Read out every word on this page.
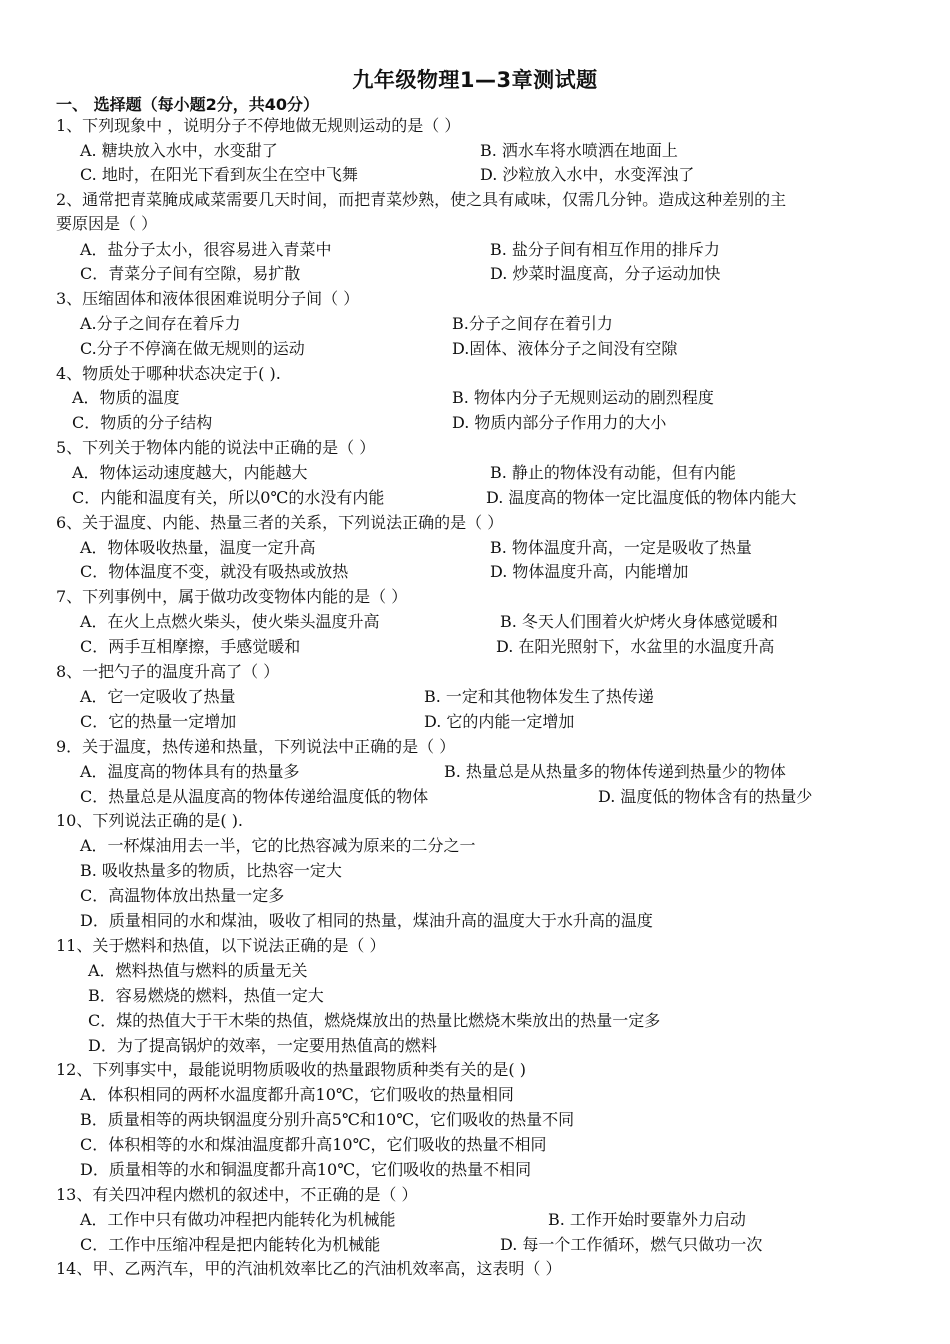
九年级物理1—3章测试题
一、 选择题（每小题2分，共40分）
1、下列现象中 ，说明分子不停地做无规则运动的是（ ）
A. 糖块放入水中，水变甜了	B. 洒水车将水喷洒在地面上
C. 地时，在阳光下看到灰尘在空中飞舞	D. 沙粒放入水中，水变浑浊了
2、通常把青菜腌成咸菜需要几天时间，而把青菜炒熟，使之具有咸味，仅需几分钟。造成这种差别的主
要原因是（ ）
A．盐分子太小，很容易进入青菜中	B. 盐分子间有相互作用的排斥力
C．青菜分子间有空隙，易扩散	D. 炒菜时温度高，分子运动加快
3、压缩固体和液体很困难说明分子间（ ）
A.分子之间存在着斥力	B.分子之间存在着引力
C.分子不停滴在做无规则的运动	D.固体、液体分子之间没有空隙
4、物质处于哪种状态决定于( ).
A．物质的温度	B. 物体内分子无规则运动的剧烈程度
C．物质的分子结构	D. 物质内部分子作用力的大小
5、下列关于物体内能的说法中正确的是（ ）
A．物体运动速度越大，内能越大	B. 静止的物体没有动能，但有内能
C．内能和温度有关，所以0℃的水没有内能	D. 温度高的物体一定比温度低的物体内能大
6、关于温度、内能、热量三者的关系，下列说法正确的是（ ）
A．物体吸收热量，温度一定升高	B. 物体温度升高，一定是吸收了热量
C．物体温度不变，就没有吸热或放热	D. 物体温度升高，内能增加
7、下列事例中，属于做功改变物体内能的是（ ）
A．在火上点燃火柴头，使火柴头温度升高	B. 冬天人们围着火炉烤火身体感觉暖和
C．两手互相摩擦，手感觉暖和	D. 在阳光照射下，水盆里的水温度升高
8、一把勺子的温度升高了（ ）
A．它一定吸收了热量	B. 一定和其他物体发生了热传递
C．它的热量一定增加	D. 它的内能一定增加
9．关于温度，热传递和热量，下列说法中正确的是（ ）
A．温度高的物体具有的热量多	B. 热量总是从热量多的物体传递到热量少的物体
C．热量总是从温度高的物体传递给温度低的物体	D. 温度低的物体含有的热量少
10、下列说法正确的是( ).
A．一杯煤油用去一半，它的比热容减为原来的二分之一
B. 吸收热量多的物质，比热容一定大
C．高温物体放出热量一定多
D．质量相同的水和煤油，吸收了相同的热量，煤油升高的温度大于水升高的温度
11、关于燃料和热值，以下说法正确的是（ ）
A．燃料热值与燃料的质量无关
B．容易燃烧的燃料，热值一定大
C．煤的热值大于干木柴的热值，燃烧煤放出的热量比燃烧木柴放出的热量一定多
D．为了提高锅炉的效率，一定要用热值高的燃料
12、下列事实中，最能说明物质吸收的热量跟物质种类有关的是( )
A．体积相同的两杯水温度都升高10℃，它们吸收的热量相同
B．质量相等的两块钢温度分别升高5℃和10℃，它们吸收的热量不同
C．体积相等的水和煤油温度都升高10℃，它们吸收的热量不相同
D．质量相等的水和铜温度都升高10℃，它们吸收的热量不相同
13、有关四冲程内燃机的叙述中，不正确的是（ ）
A．工作中只有做功冲程把内能转化为机械能	B. 工作开始时要靠外力启动
C．工作中压缩冲程是把内能转化为机械能	D. 每一个工作循环，燃气只做功一次
14、甲、乙两汽车，甲的汽油机效率比乙的汽油机效率高，这表明（ ）
